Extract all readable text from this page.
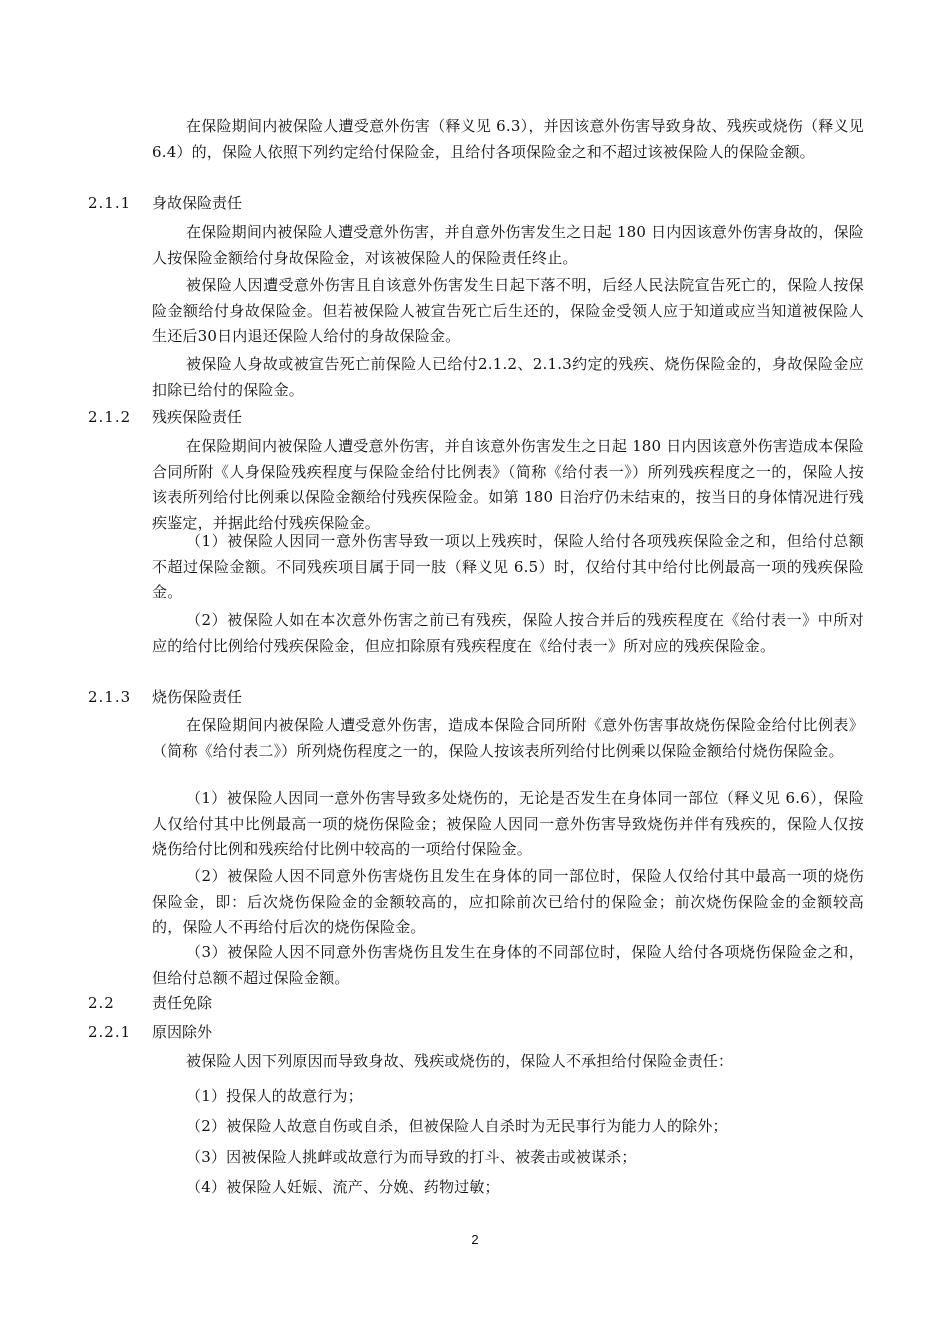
在保险期间内被保险人遭受意外伤害（释义见 6.3），并因该意外伤害导致身故、残疾或烧伤（释义见 6.4）的，保险人依照下列约定给付保险金，且给付各项保险金之和不超过该被保险人的保险金额。

2.1.1 身故保险责任

在保险期间内被保险人遭受意外伤害，并自意外伤害发生之日起 180 日内因该意外伤害身故的，保险人按保险金额给付身故保险金，对该被保险人的保险责任终止。

被保险人因遭受意外伤害且自该意外伤害发生日起下落不明，后经人民法院宣告死亡的，保险人按保险金额给付身故保险金。但若被保险人被宣告死亡后生还的，保险金受领人应于知道或应当知道被保险人生还后30日内退还保险人给付的身故保险金。

被保险人身故或被宣告死亡前保险人已给付2.1.2、2.1.3约定的残疾、烧伤保险金的，身故保险金应扣除已给付的保险金。

2.1.2 残疾保险责任

在保险期间内被保险人遭受意外伤害，并自该意外伤害发生之日起 180 日内因该意外伤害造成本保险合同所附《人身保险残疾程度与保险金给付比例表》（简称《给付表一》）所列残疾程度之一的，保险人按该表所列给付比例乘以保险金额给付残疾保险金。如第 180 日治疗仍未结束的，按当日的身体情况进行残疾鉴定，并据此给付残疾保险金。

（1）被保险人因同一意外伤害导致一项以上残疾时，保险人给付各项残疾保险金之和，但给付总额不超过保险金额。不同残疾项目属于同一肢（释义见 6.5）时，仅给付其中给付比例最高一项的残疾保险金。

（2）被保险人如在本次意外伤害之前已有残疾，保险人按合并后的残疾程度在《给付表一》中所对应的给付比例给付残疾保险金，但应扣除原有残疾程度在《给付表一》所对应的残疾保险金。

2.1.3 烧伤保险责任

在保险期间内被保险人遭受意外伤害，造成本保险合同所附《意外伤害事故烧伤保险金给付比例表》（简称《给付表二》）所列烧伤程度之一的，保险人按该表所列给付比例乘以保险金额给付烧伤保险金。

（1）被保险人因同一意外伤害导致多处烧伤的，无论是否发生在身体同一部位（释义见 6.6），保险人仅给付其中比例最高一项的烧伤保险金；被保险人因同一意外伤害导致烧伤并伴有残疾的，保险人仅按烧伤给付比例和残疾给付比例中较高的一项给付保险金。

（2）被保险人因不同意外伤害烧伤且发生在身体的同一部位时，保险人仅给付其中最高一项的烧伤保险金，即：后次烧伤保险金的金额较高的，应扣除前次已给付的保险金；前次烧伤保险金的金额较高的，保险人不再给付后次的烧伤保险金。

（3）被保险人因不同意外伤害烧伤且发生在身体的不同部位时，保险人给付各项烧伤保险金之和，但给付总额不超过保险金额。

2.2 责任免除
2.2.1 原因除外

被保险人因下列原因而导致身故、残疾或烧伤的，保险人不承担给付保险金责任：

（1）投保人的故意行为；

（2）被保险人故意自伤或自杀，但被保险人自杀时为无民事行为能力人的除外；

（3）因被保险人挑衅或故意行为而导致的打斗、被袭击或被谋杀；

（4）被保险人妊娠、流产、分娩、药物过敏；

2
